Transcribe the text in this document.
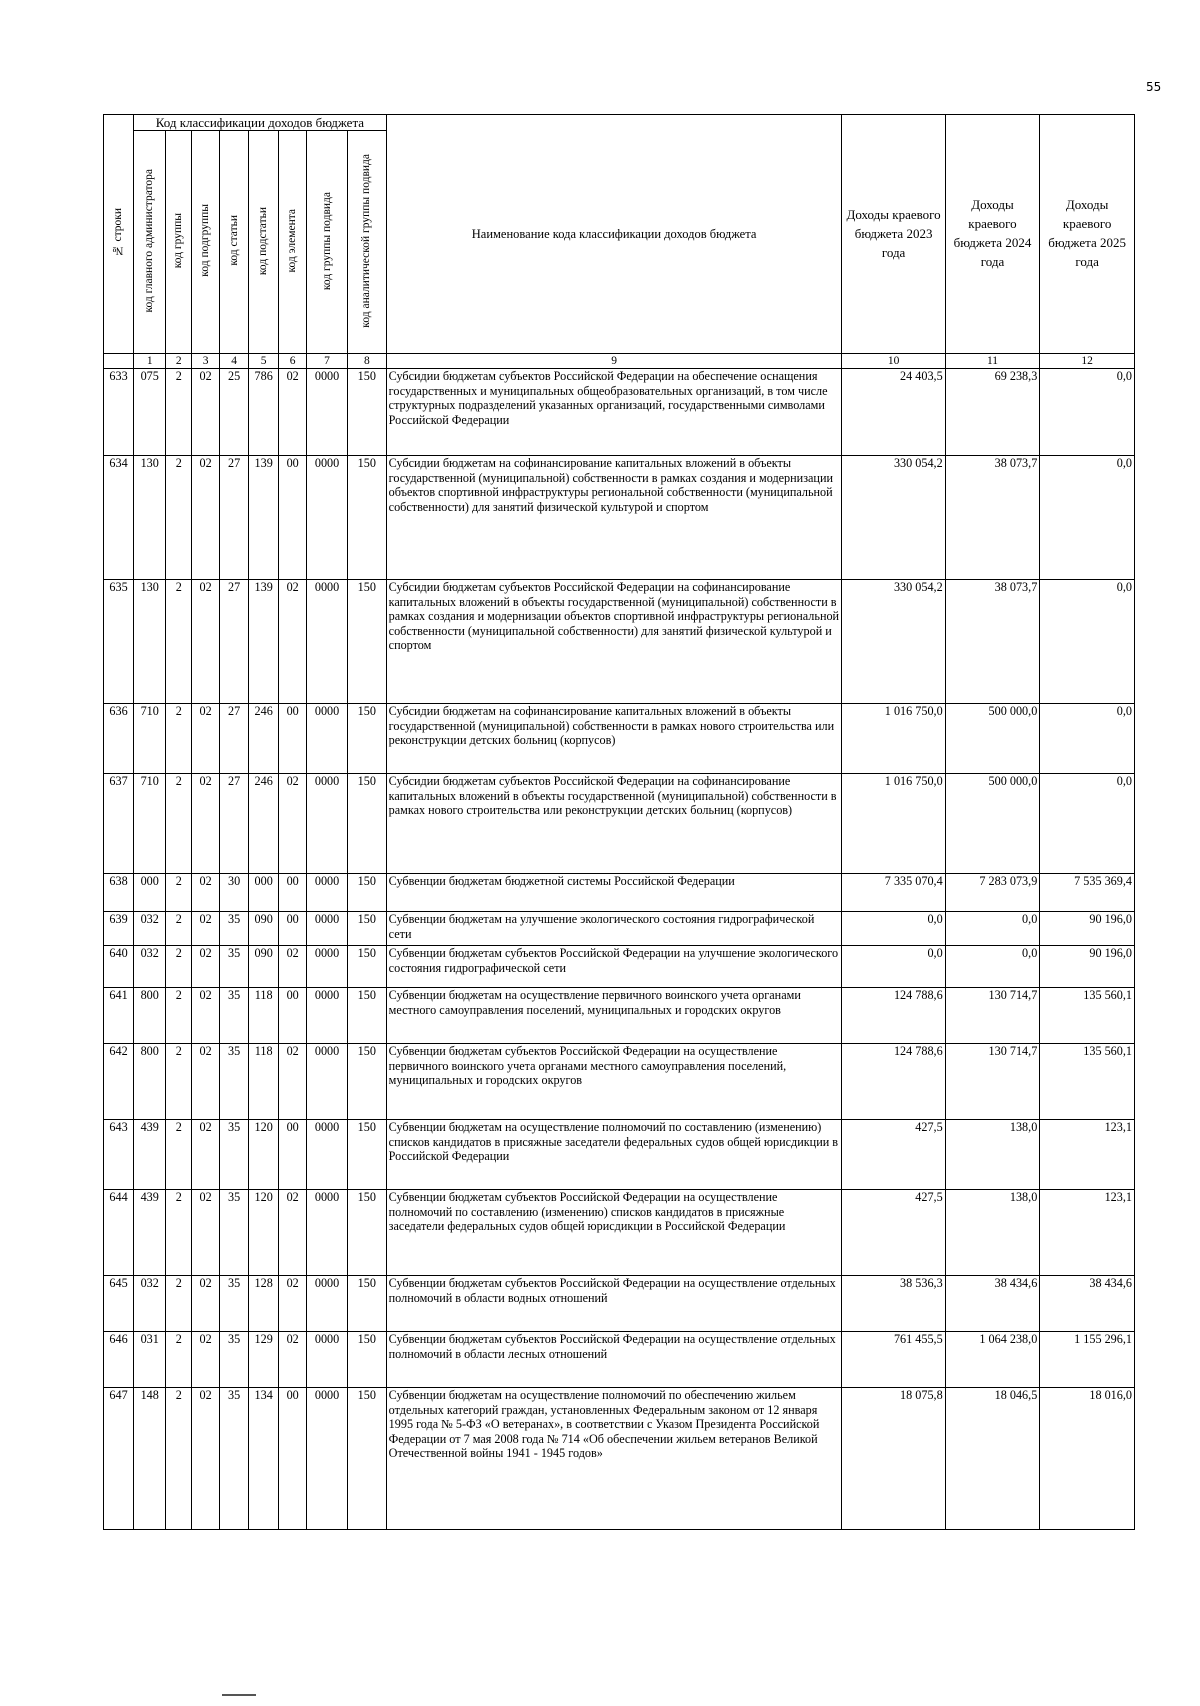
55
№ строки	Код классификации доходов бюджета								Наименование кода классификации доходов бюджета	Доходы краевого бюджета 2023 года	Доходы краевого бюджета 2024 года	Доходы краевого бюджета 2025 года
	код главного администратора	код группы	код подгруппы	код статьи	код подстатьи	код элемента	код группы подвида	код аналитической группы подвида				
	1	2	3	4	5	6	7	8	9	10	11	12
633	075	2	02	25	786	02	0000	150	Субсидии бюджетам субъектов Российской Федерации на обеспечение оснащения государственных и муниципальных общеобразовательных организаций, в том числе структурных подразделений указанных организаций, государственными символами Российской Федерации	24 403,5	69 238,3	0,0
634	130	2	02	27	139	00	0000	150	Субсидии бюджетам на софинансирование капитальных вложений в объекты государственной (муниципальной) собственности в рамках создания и модернизации объектов спортивной инфраструктуры региональной собственности (муниципальной собственности) для занятий физической культурой и спортом	330 054,2	38 073,7	0,0
635	130	2	02	27	139	02	0000	150	Субсидии бюджетам субъектов Российской Федерации на софинансирование капитальных вложений в объекты государственной (муниципальной) собственности в рамках создания и модернизации объектов спортивной инфраструктуры региональной собственности (муниципальной собственности) для занятий физической культурой и спортом	330 054,2	38 073,7	0,0
636	710	2	02	27	246	00	0000	150	Субсидии бюджетам на софинансирование капитальных вложений в объекты государственной (муниципальной) собственности в рамках нового строительства или реконструкции детских больниц (корпусов)	1 016 750,0	500 000,0	0,0
637	710	2	02	27	246	02	0000	150	Субсидии бюджетам субъектов Российской Федерации на софинансирование капитальных вложений в объекты государственной (муниципальной) собственности в рамках нового строительства или реконструкции детских больниц (корпусов)	1 016 750,0	500 000,0	0,0
638	000	2	02	30	000	00	0000	150	Субвенции бюджетам бюджетной системы Российской Федерации	7 335 070,4	7 283 073,9	7 535 369,4
639	032	2	02	35	090	00	0000	150	Субвенции бюджетам на улучшение экологического состояния гидрографической сети	0,0	0,0	90 196,0
640	032	2	02	35	090	02	0000	150	Субвенции бюджетам субъектов Российской Федерации на улучшение экологического состояния гидрографической сети	0,0	0,0	90 196,0
641	800	2	02	35	118	00	0000	150	Субвенции бюджетам на осуществление первичного воинского учета органами местного самоуправления поселений, муниципальных и городских округов	124 788,6	130 714,7	135 560,1
642	800	2	02	35	118	02	0000	150	Субвенции бюджетам субъектов Российской Федерации на осуществление первичного воинского учета органами местного самоуправления поселений, муниципальных и городских округов	124 788,6	130 714,7	135 560,1
643	439	2	02	35	120	00	0000	150	Субвенции бюджетам на осуществление полномочий по составлению (изменению) списков кандидатов в присяжные заседатели федеральных судов общей юрисдикции в Российской Федерации	427,5	138,0	123,1
644	439	2	02	35	120	02	0000	150	Субвенции бюджетам субъектов Российской Федерации на осуществление полномочий по составлению (изменению) списков кандидатов в присяжные заседатели федеральных судов общей юрисдикции в Российской Федерации	427,5	138,0	123,1
645	032	2	02	35	128	02	0000	150	Субвенции бюджетам субъектов Российской Федерации на осуществление отдельных полномочий в области водных отношений	38 536,3	38 434,6	38 434,6
646	031	2	02	35	129	02	0000	150	Субвенции бюджетам субъектов Российской Федерации на осуществление отдельных полномочий в области лесных отношений	761 455,5	1 064 238,0	1 155 296,1
647	148	2	02	35	134	00	0000	150	Субвенции бюджетам на осуществление полномочий по обеспечению жильем отдельных категорий граждан, установленных Федеральным законом от 12 января 1995 года № 5-ФЗ «О ветеранах», в соответствии с Указом Президента Российской Федерации от 7 мая 2008 года № 714 «Об обеспечении жильем ветеранов Великой Отечественной войны 1941 - 1945 годов»	18 075,8	18 046,5	18 016,0
